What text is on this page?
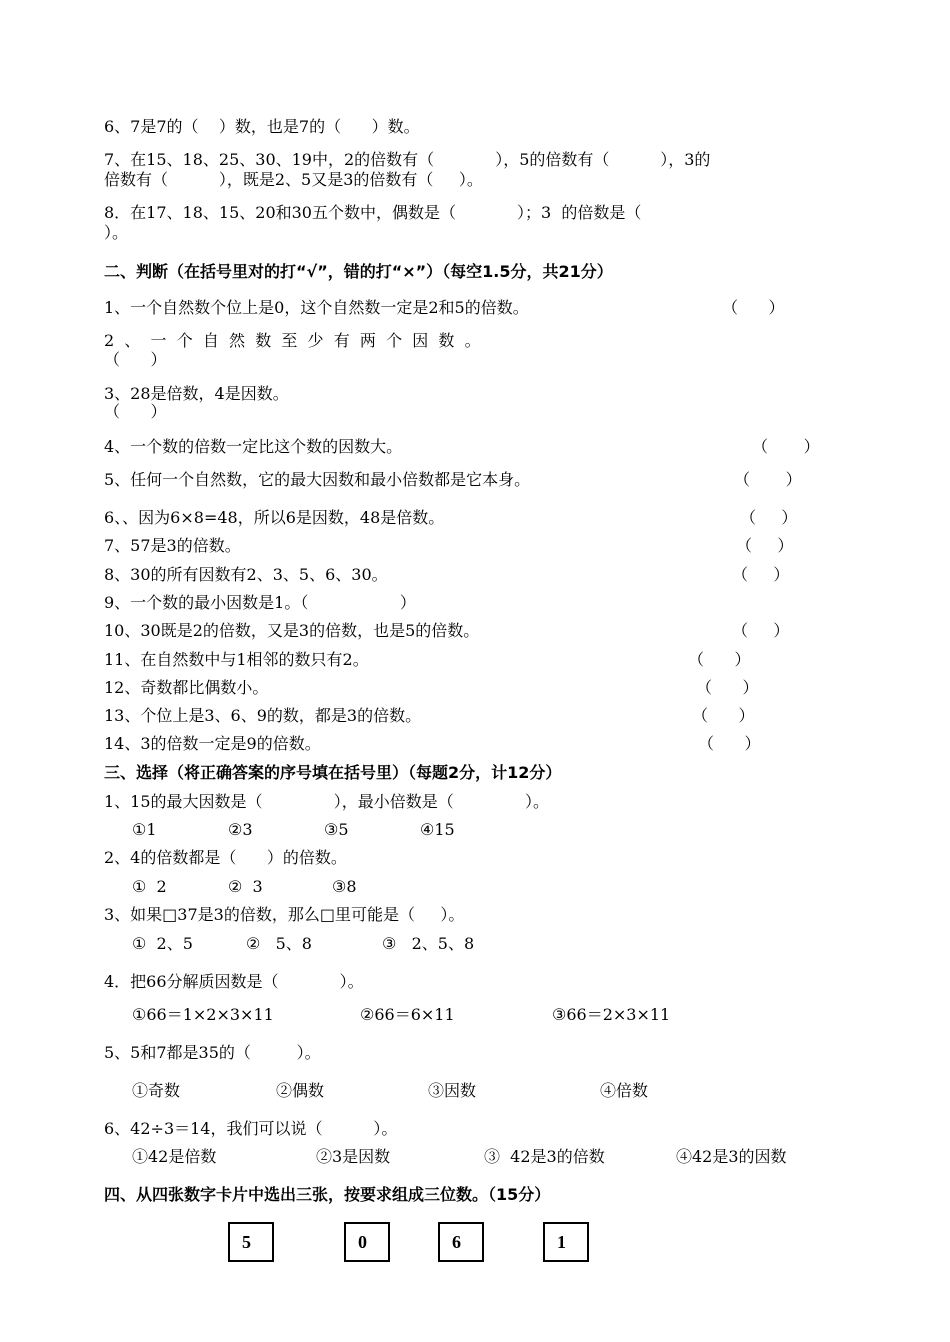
6、7是7的（    ）数，也是7的（      ）数。
7、在15、18、25、30、19中，2的倍数有（            ），5的倍数有（          ），3的
倍数有（          ），既是2、5又是3的倍数有（     ）。
8．在17、18、15、20和30五个数中，偶数是（            ）；3  的倍数是（
）。
二、判断（在括号里对的打“√”，错的打“×”）（每空1.5分，共21分）
1、一个自然数个位上是0，这个自然数一定是2和5的倍数。	（      ）
2  、  一  个  自  然  数  至  少  有  两  个  因  数  。
（      ）
3、28是倍数，4是因数。
（      ）
4、一个数的倍数一定比这个数的因数大。	（       ）
5、任何一个自然数，它的最大因数和最小倍数都是它本身。	（       ）
6、、因为6×8=48，所以6是因数，48是倍数。	（     ）
7、57是3的倍数。	（     ）
8、30的所有因数有2、3、5、6、30。	（     ）
9、一个数的最小因数是1。（                  ）
10、30既是2的倍数，又是3的倍数，也是5的倍数。	（     ）
11、在自然数中与1相邻的数只有2。	（      ）
12、奇数都比偶数小。	（      ）
13、个位上是3、6、9的数，都是3的倍数。	（      ）
14、3的倍数一定是9的倍数。	（      ）
三、选择（将正确答案的序号填在括号里）（每题2分，计12分）
1、15的最大因数是（              ），最小倍数是（              ）。
①1	②3	③5	④15
2、4的倍数都是（      ）的倍数。
①  2	②  3	③8
3、如果□37是3的倍数，那么□里可能是（     ）。
①  2、5	②   5、8	③   2、5、8
4．把66分解质因数是（            ）。
①66＝1×2×3×11	②66＝6×11	③66＝2×3×11
5、5和7都是35的（         ）。
①奇数	②偶数	③因数	④倍数
6、42÷3＝14，我们可以说（          ）。
①42是倍数	②3是因数	③  42是3的倍数	④42是3的因数
四、从四张数字卡片中选出三张，按要求组成三位数。（15分）
5	0	6	1
